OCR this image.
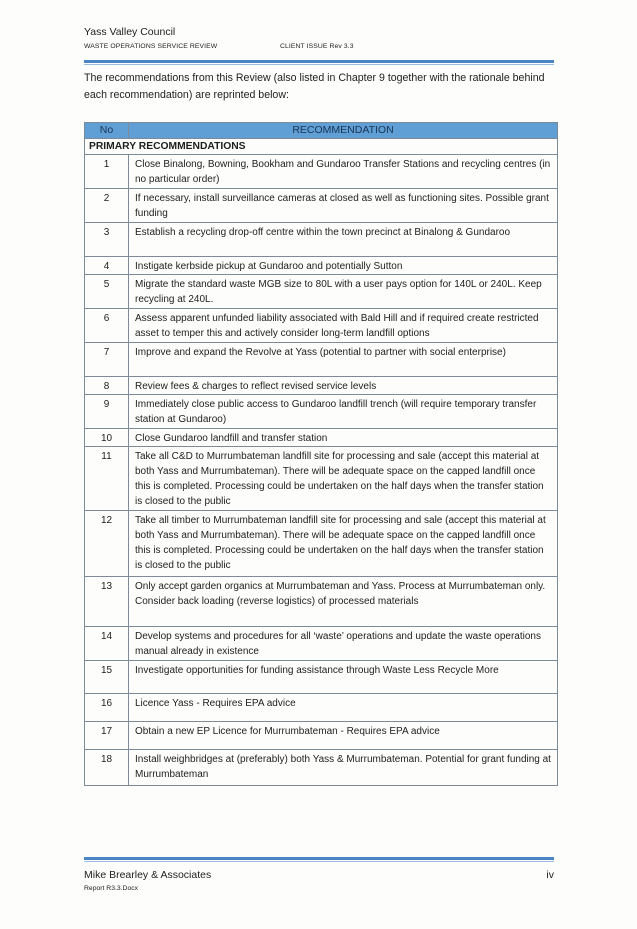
Yass Valley Council
WASTE OPERATIONS SERVICE REVIEW	CLIENT ISSUE Rev 3.3

The recommendations from this Review (also listed in Chapter 9 together with the rationale behind each recommendation) are reprinted below:

No	RECOMMENDATION
PRIMARY RECOMMENDATIONS	
1	Close Binalong, Bowning, Bookham and Gundaroo Transfer Stations and recycling centres (in no particular order)
2	If necessary, install surveillance cameras at closed as well as functioning sites. Possible grant funding
3	Establish a recycling drop-off centre within the town precinct at Binalong & Gundaroo
4	Instigate kerbside pickup at Gundaroo and potentially Sutton
5	Migrate the standard waste MGB size to 80L with a user pays option for 140L or 240L. Keep recycling at 240L.
6	Assess apparent unfunded liability associated with Bald Hill and if required create restricted asset to temper this and actively consider long-term landfill options
7	Improve and expand the Revolve at Yass (potential to partner with social enterprise)
8	Review fees & charges to reflect revised service levels
9	Immediately close public access to Gundaroo landfill trench (will require temporary transfer station at Gundaroo)
10	Close Gundaroo landfill and transfer station
11	Take all C&D to Murrumbateman landfill site for processing and sale (accept this material at both Yass and Murrumbateman). There will be adequate space on the capped landfill once this is completed. Processing could be undertaken on the half days when the transfer station is closed to the public
12	Take all timber to Murrumbateman landfill site for processing and sale (accept this material at both Yass and Murrumbateman). There will be adequate space on the capped landfill once this is completed. Processing could be undertaken on the half days when the transfer station is closed to the public
13	Only accept garden organics at Murrumbateman and Yass. Process at Murrumbateman only. Consider back loading (reverse logistics) of processed materials
14	Develop systems and procedures for all ‘waste’ operations and update the waste operations manual already in existence
15	Investigate opportunities for funding assistance through Waste Less Recycle More
16	Licence Yass - Requires EPA advice
17	Obtain a new EP Licence for Murrumbateman - Requires EPA advice
18	Install weighbridges at (preferably) both Yass & Murrumbateman. Potential for grant funding at Murrumbateman
Mike Brearley & Associates
Report R3.3.Docx
iv
